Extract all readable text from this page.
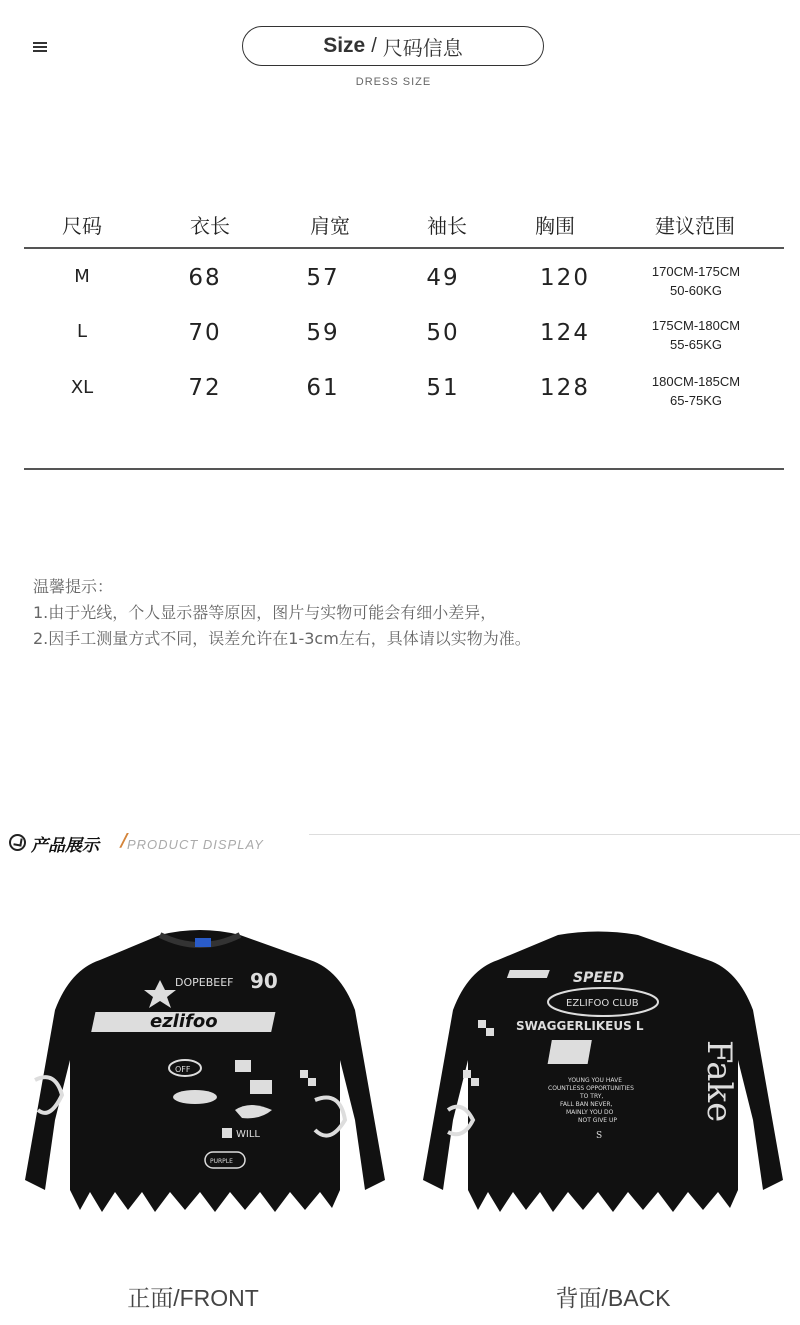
Size / 尺码信息
DRESS SIZE
尺码	衣长	肩宽	袖长	胸围	建议范围
M	68	57	49	120	170CM-175CM
50-60KG
L	70	59	50	124	175CM-180CM
55-65KG
XL	72	61	51	128	180CM-185CM
65-75KG
温馨提示：
1.由于光线，个人显示器等原因，图片与实物可能会有细小差异，
2.因手工测量方式不同，误差允许在1-3cm左右，具体请以实物为准。
产品展示 / PRODUCT DISPLAY
ezlifoo
DOPEBEEF 90
OFF
WILL
PURPLE
SPEED
EZLIFOO CLUB
SWAGGERLIKEUS L
YOUNG YOU HAVE
COUNTLESS OPPORTUNITIES
TO TRY,
FALL BAN NEVER,
MAINLY YOU DO
NOT GIVE UP
S
Fake
正面/FRONT	背面/BACK
